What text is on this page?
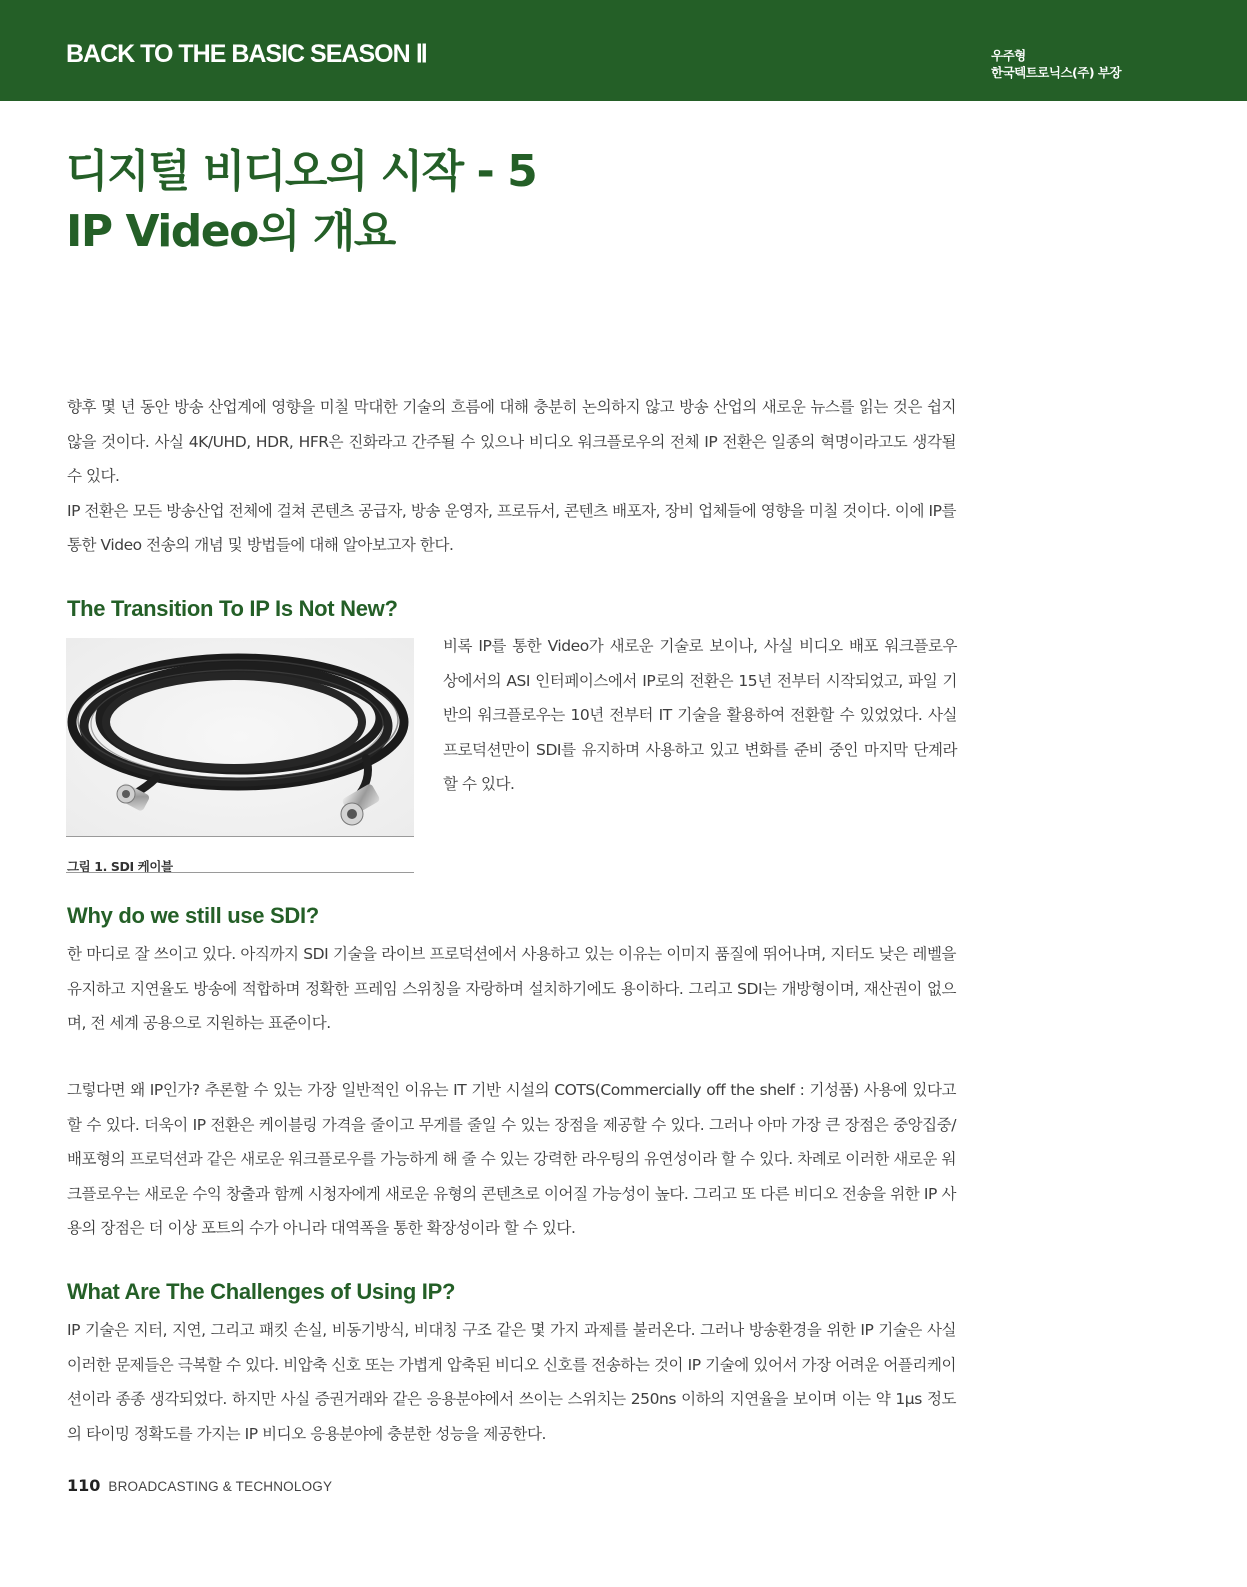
BACK TO THE BASIC SEASON Ⅱ	우주형
한국텍트로닉스(주) 부장
디지털 비디오의 시작 - 5
IP Video의 개요

향후 몇 년 동안 방송 산업계에 영향을 미칠 막대한 기술의 흐름에 대해 충분히 논의하지 않고 방송 산업의 새로운 뉴스를 읽는 것은 쉽지 않을 것이다. 사실 4K/UHD, HDR, HFR은 진화라고 간주될 수 있으나 비디오 워크플로우의 전체 IP 전환은 일종의 혁명이라고도 생각될 수 있다.

IP 전환은 모든 방송산업 전체에 걸쳐 콘텐츠 공급자, 방송 운영자, 프로듀서, 콘텐츠 배포자, 장비 업체들에 영향을 미칠 것이다. 이에 IP를 통한 Video 전송의 개념 및 방법들에 대해 알아보고자 한다.

The Transition To IP Is Not New?
그림 1. SDI 케이블

비록 IP를 통한 Video가 새로운 기술로 보이나, 사실 비디오 배포 워크플로우 상에서의 ASI 인터페이스에서 IP로의 전환은 15년 전부터 시작되었고, 파일 기반의 워크플로우는 10년 전부터 IT 기술을 활용하여 전환할 수 있었었다. 사실 프로덕션만이 SDI를 유지하며 사용하고 있고 변화를 준비 중인 마지막 단계라 할 수 있다.

Why do we still use SDI?

한 마디로 잘 쓰이고 있다. 아직까지 SDI 기술을 라이브 프로덕션에서 사용하고 있는 이유는 이미지 품질에 뛰어나며, 지터도 낮은 레벨을 유지하고 지연율도 방송에 적합하며 정확한 프레임 스위칭을 자랑하며 설치하기에도 용이하다. 그리고 SDI는 개방형이며, 재산권이 없으며, 전 세계 공용으로 지원하는 표준이다.

그렇다면 왜 IP인가? 추론할 수 있는 가장 일반적인 이유는 IT 기반 시설의 COTS(Commercially off the shelf : 기성품) 사용에 있다고 할 수 있다. 더욱이 IP 전환은 케이블링 가격을 줄이고 무게를 줄일 수 있는 장점을 제공할 수 있다. 그러나 아마 가장 큰 장점은 중앙집중/배포형의 프로덕션과 같은 새로운 워크플로우를 가능하게 해 줄 수 있는 강력한 라우팅의 유연성이라 할 수 있다. 차례로 이러한 새로운 워크플로우는 새로운 수익 창출과 함께 시청자에게 새로운 유형의 콘텐츠로 이어질 가능성이 높다. 그리고 또 다른 비디오 전송을 위한 IP 사용의 장점은 더 이상 포트의 수가 아니라 대역폭을 통한 확장성이라 할 수 있다.

What Are The Challenges of Using IP?

IP 기술은 지터, 지연, 그리고 패킷 손실, 비동기방식, 비대칭 구조 같은 몇 가지 과제를 불러온다. 그러나 방송환경을 위한 IP 기술은 사실 이러한 문제들은 극복할 수 있다. 비압축 신호 또는 가볍게 압축된 비디오 신호를 전송하는 것이 IP 기술에 있어서 가장 어려운 어플리케이션이라 종종 생각되었다. 하지만 사실 증권거래와 같은 응용분야에서 쓰이는 스위치는 250ns 이하의 지연율을 보이며 이는 약 1μs 정도의 타이밍 정확도를 가지는 IP 비디오 응용분야에 충분한 성능을 제공한다.

110 BROADCASTING & TECHNOLOGY
